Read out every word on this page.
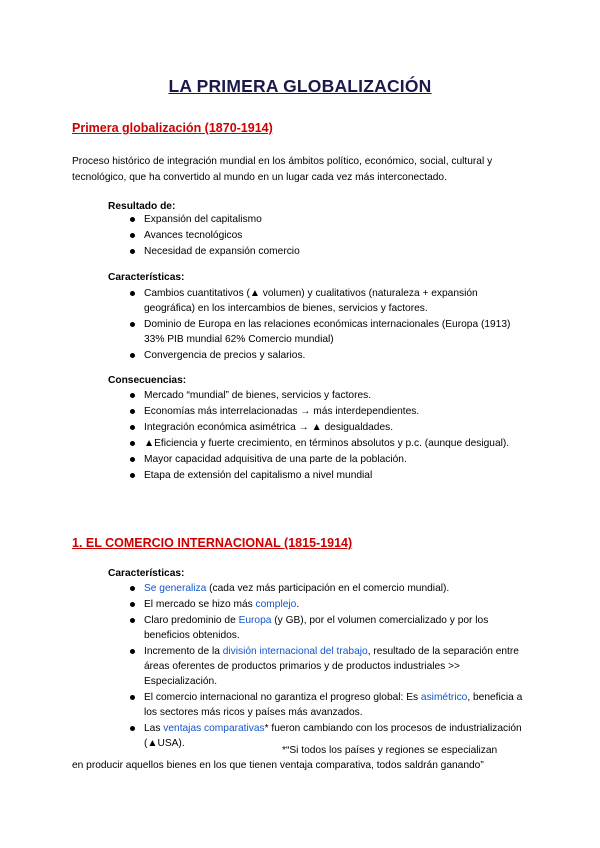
LA PRIMERA GLOBALIZACIÓN
Primera globalización (1870-1914)
Proceso histórico de integración mundial en los ámbitos político, económico, social, cultural y tecnológico, que ha convertido al mundo en un lugar cada vez más interconectado.
Resultado de:
Expansión del capitalismo
Avances tecnológicos
Necesidad de expansión comercio
Características:
Cambios cuantitativos (▲ volumen) y cualitativos (naturaleza + expansión geográfica) en los intercambios de bienes, servicios y factores.
Dominio de Europa en las relaciones económicas internacionales (Europa (1913) 33% PIB mundial 62% Comercio mundial)
Convergencia de precios y salarios.
Consecuencias:
Mercado “mundial” de bienes, servicios y factores.
Economías más interrelacionadas → más interdependientes.
Integración económica asimétrica → ▲ desigualdades.
▲Eficiencia y fuerte crecimiento, en términos absolutos y p.c. (aunque desigual).
Mayor capacidad adquisitiva de una parte de la población.
Etapa de extensión del capitalismo a nivel mundial
1. EL COMERCIO INTERNACIONAL (1815-1914)
Características:
Se generaliza (cada vez más participación en el comercio mundial).
El mercado se hizo más complejo.
Claro predominio de Europa (y GB), por el volumen comercializado y por los beneficios obtenidos.
Incremento de la división internacional del trabajo, resultado de la separación entre áreas oferentes de productos primarios y de productos industriales >> Especialización.
El comercio internacional no garantiza el progreso global: Es asimétrico, beneficia a los sectores más ricos y países más avanzados.
Las ventajas comparativas* fueron cambiando con los procesos de industrialización (▲USA).
*“Si todos los países y regiones se especializan
en producir aquellos bienes en los que tienen ventaja comparativa, todos saldrán ganando”
